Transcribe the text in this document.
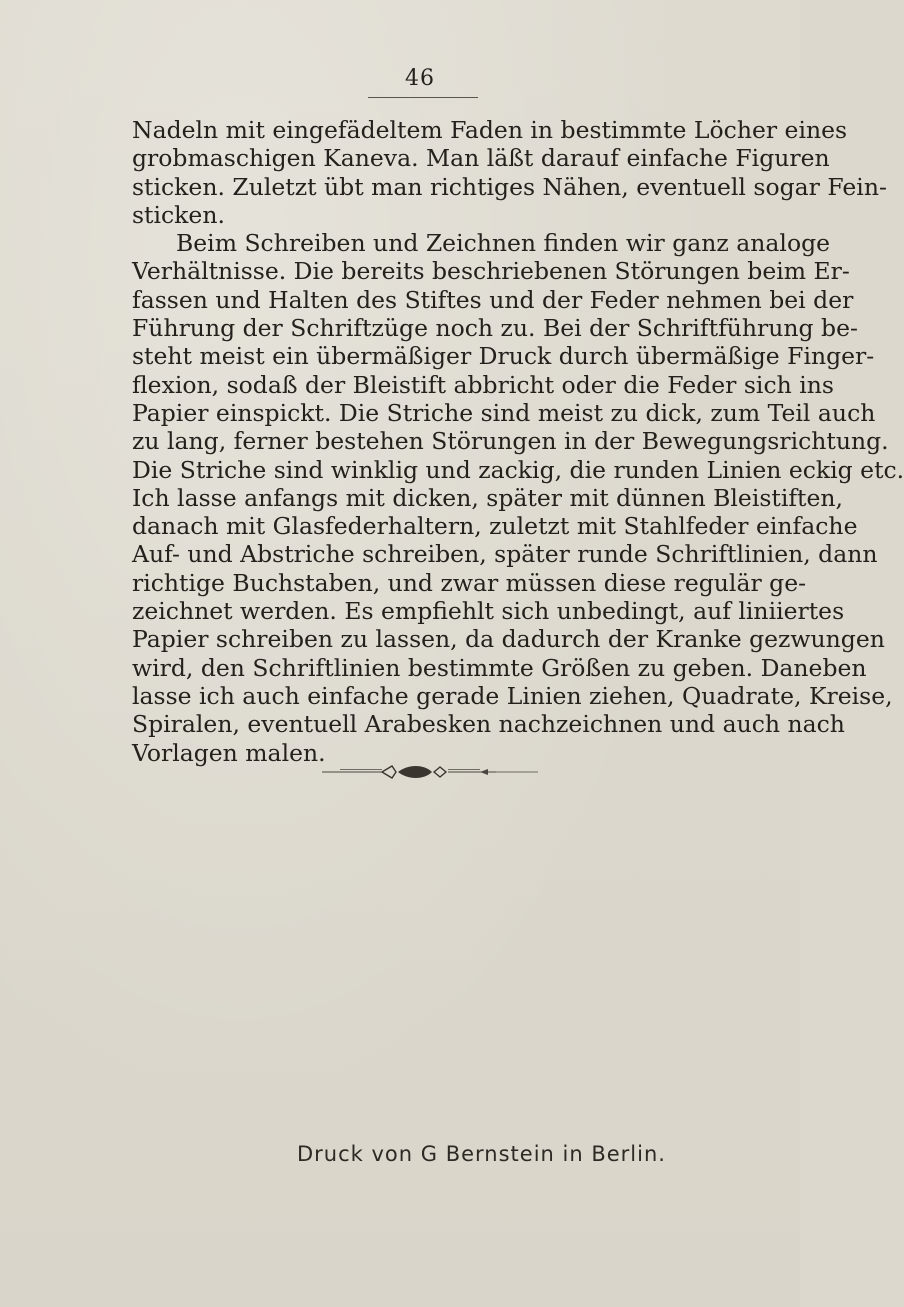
46
Nadeln mit eingefädeltem Faden in bestimmte Löcher eines
grobmaschigen Kaneva. Man läßt darauf einfache Figuren
sticken. Zuletzt übt man richtiges Nähen, eventuell sogar Fein-
sticken.
Beim Schreiben und Zeichnen finden wir ganz analoge
Verhältnisse. Die bereits beschriebenen Störungen beim Er-
fassen und Halten des Stiftes und der Feder nehmen bei der
Führung der Schriftzüge noch zu. Bei der Schriftführung be-
steht meist ein übermäßiger Druck durch übermäßige Finger-
flexion, sodaß der Bleistift abbricht oder die Feder sich ins
Papier einspickt. Die Striche sind meist zu dick, zum Teil auch
zu lang, ferner bestehen Störungen in der Bewegungsrichtung.
Die Striche sind winklig und zackig, die runden Linien eckig etc.
Ich lasse anfangs mit dicken, später mit dünnen Bleistiften,
danach mit Glasfederhaltern, zuletzt mit Stahlfeder einfache
Auf- und Abstriche schreiben, später runde Schriftlinien, dann
richtige Buchstaben, und zwar müssen diese regulär ge-
zeichnet werden. Es empfiehlt sich unbedingt, auf liniiertes
Papier schreiben zu lassen, da dadurch der Kranke gezwungen
wird, den Schriftlinien bestimmte Größen zu geben. Daneben
lasse ich auch einfache gerade Linien ziehen, Quadrate, Kreise,
Spiralen, eventuell Arabesken nachzeichnen und auch nach
Vorlagen malen.
Druck von G Bernstein in Berlin.
